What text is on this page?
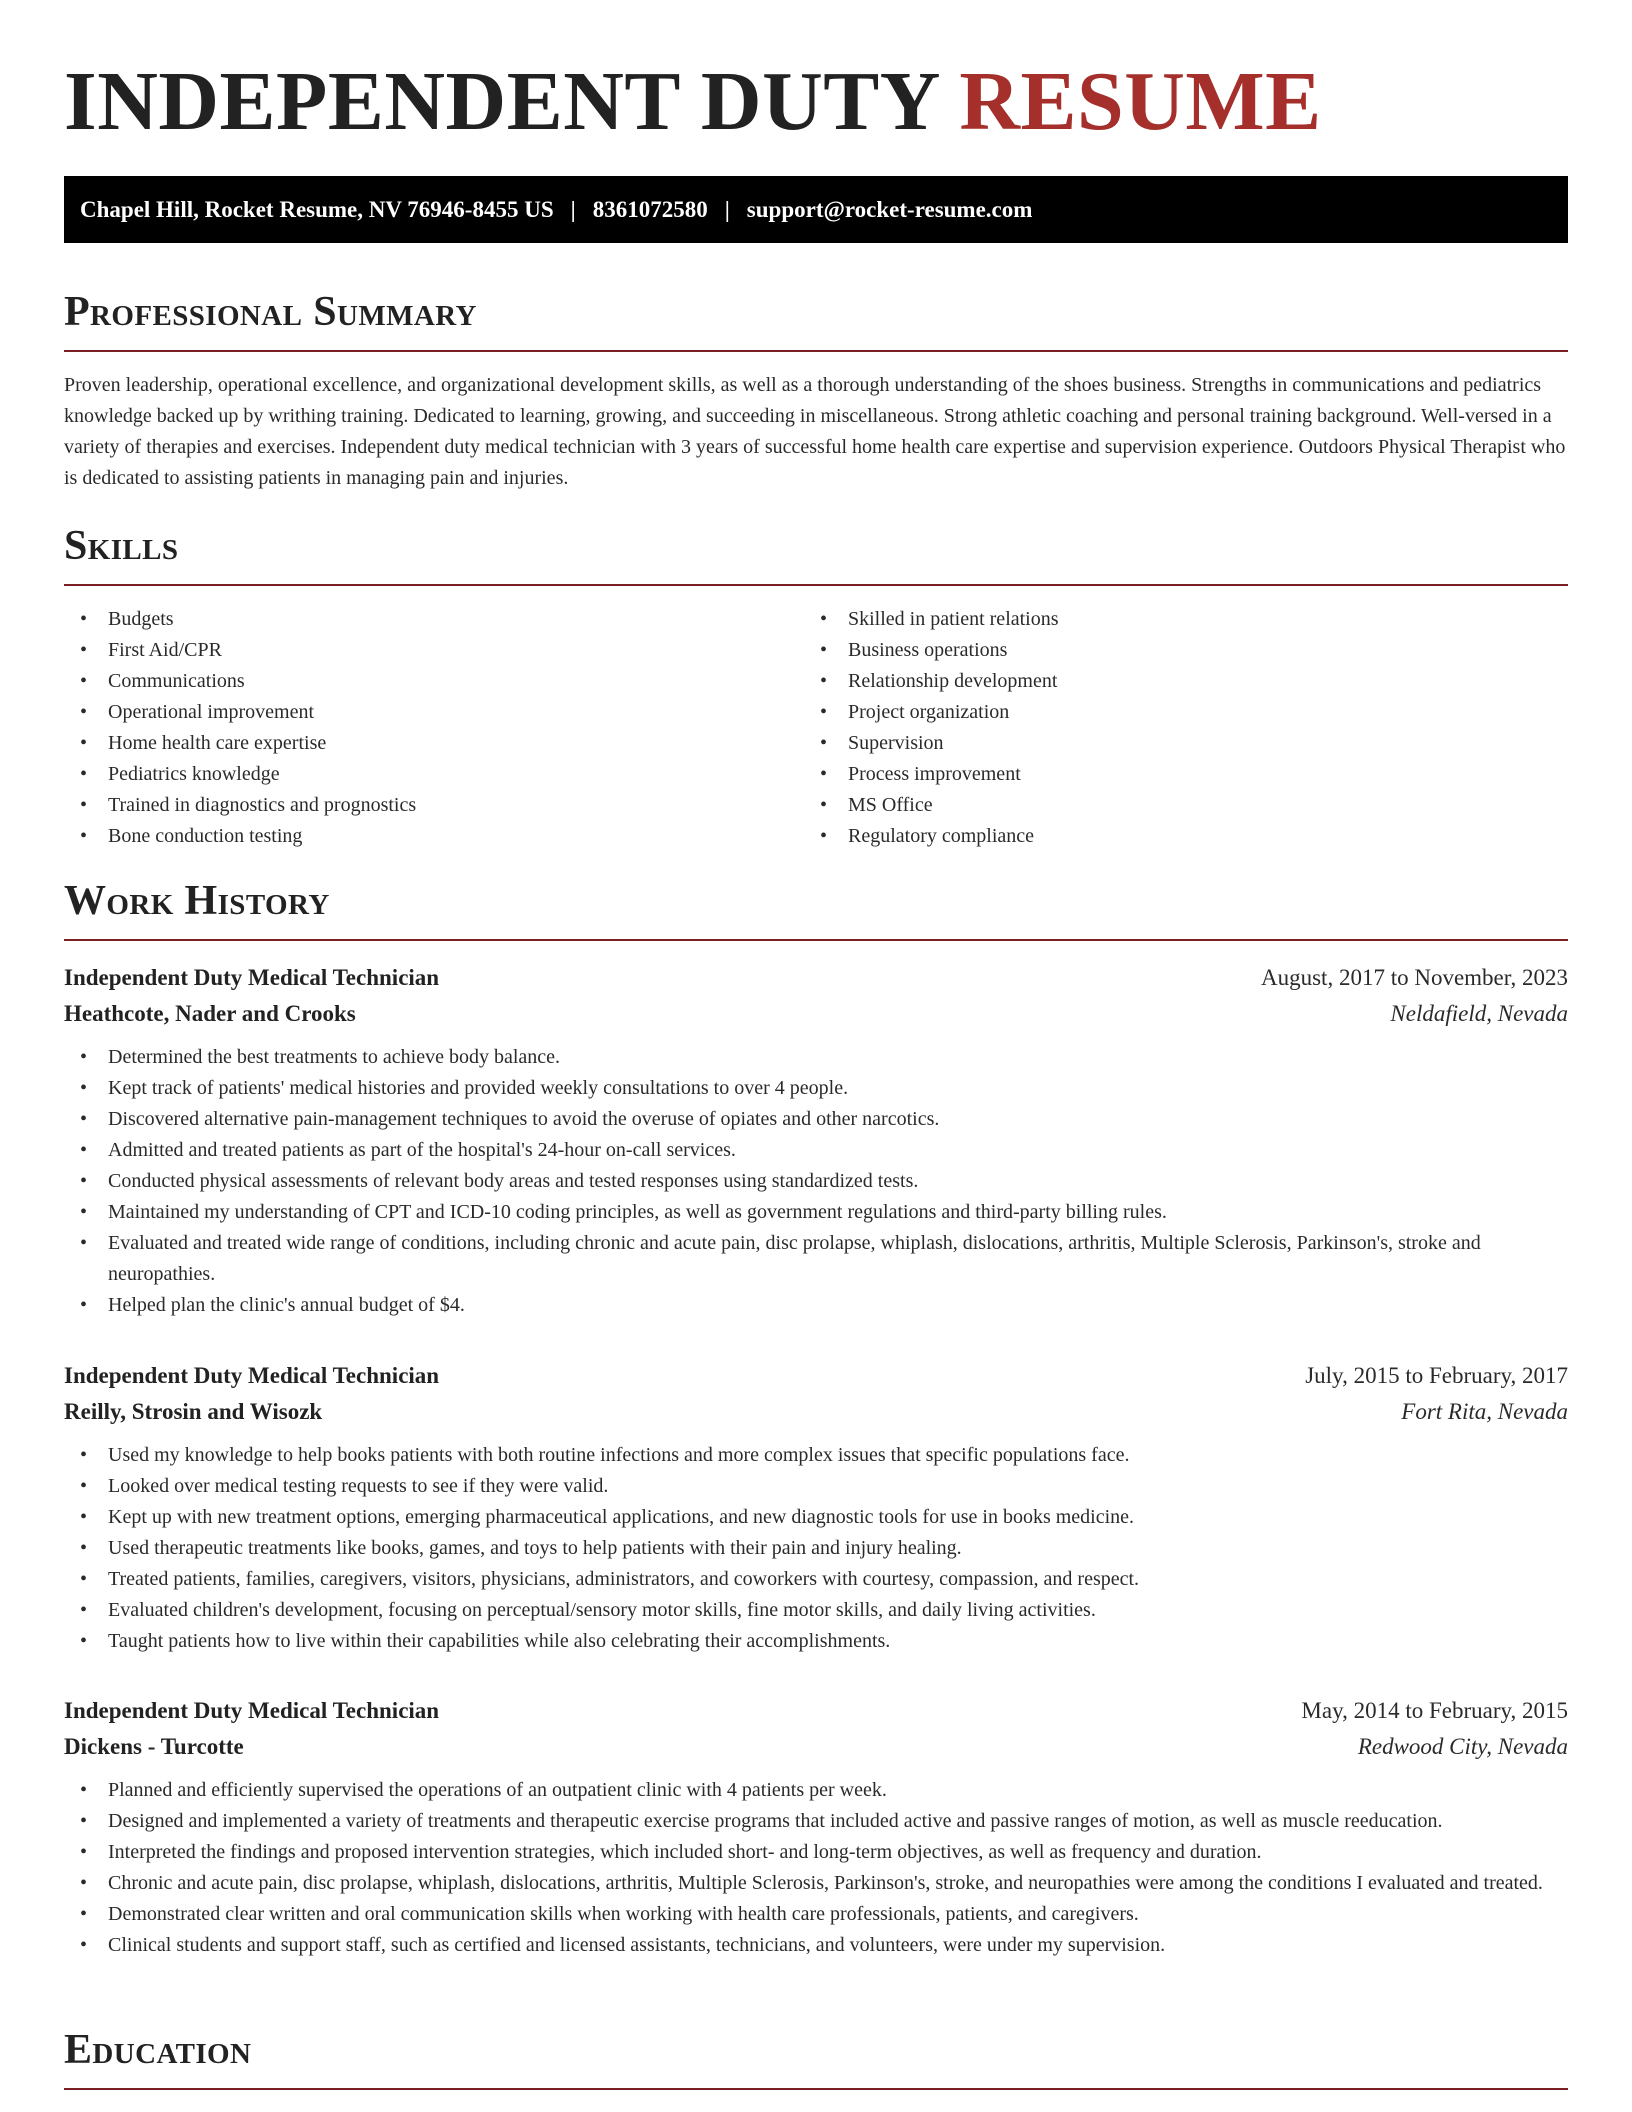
INDEPENDENT DUTY RESUME
Chapel Hill, Rocket Resume, NV 76946-8455 US | 8361072580 | support@rocket-resume.com
Professional Summary

Proven leadership, operational excellence, and organizational development skills, as well as a thorough understanding of the shoes business. Strengths in communications and pediatrics knowledge backed up by writhing training. Dedicated to learning, growing, and succeeding in miscellaneous. Strong athletic coaching and personal training background. Well-versed in a variety of therapies and exercises. Independent duty medical technician with 3 years of successful home health care expertise and supervision experience. Outdoors Physical Therapist who is dedicated to assisting patients in managing pain and injuries.

Skills
• Budgets
• First Aid/CPR
• Communications
• Operational improvement
• Home health care expertise
• Pediatrics knowledge
• Trained in diagnostics and prognostics
• Bone conduction testing
• Skilled in patient relations
• Business operations
• Relationship development
• Project organization
• Supervision
• Process improvement
• MS Office
• Regulatory compliance
Work History
Independent Duty Medical Technician	August, 2017 to November, 2023
Heathcote, Nader and Crooks	Neldafield, Nevada
• Determined the best treatments to achieve body balance.
• Kept track of patients' medical histories and provided weekly consultations to over 4 people.
• Discovered alternative pain-management techniques to avoid the overuse of opiates and other narcotics.
• Admitted and treated patients as part of the hospital's 24-hour on-call services.
• Conducted physical assessments of relevant body areas and tested responses using standardized tests.
• Maintained my understanding of CPT and ICD-10 coding principles, as well as government regulations and third-party billing rules.
• Evaluated and treated wide range of conditions, including chronic and acute pain, disc prolapse, whiplash, dislocations, arthritis, Multiple Sclerosis, Parkinson's, stroke and neuropathies.
• Helped plan the clinic's annual budget of $4.
Independent Duty Medical Technician	July, 2015 to February, 2017
Reilly, Strosin and Wisozk	Fort Rita, Nevada
• Used my knowledge to help books patients with both routine infections and more complex issues that specific populations face.
• Looked over medical testing requests to see if they were valid.
• Kept up with new treatment options, emerging pharmaceutical applications, and new diagnostic tools for use in books medicine.
• Used therapeutic treatments like books, games, and toys to help patients with their pain and injury healing.
• Treated patients, families, caregivers, visitors, physicians, administrators, and coworkers with courtesy, compassion, and respect.
• Evaluated children's development, focusing on perceptual/sensory motor skills, fine motor skills, and daily living activities.
• Taught patients how to live within their capabilities while also celebrating their accomplishments.
Independent Duty Medical Technician	May, 2014 to February, 2015
Dickens - Turcotte	Redwood City, Nevada
• Planned and efficiently supervised the operations of an outpatient clinic with 4 patients per week.
• Designed and implemented a variety of treatments and therapeutic exercise programs that included active and passive ranges of motion, as well as muscle reeducation.
• Interpreted the findings and proposed intervention strategies, which included short- and long-term objectives, as well as frequency and duration.
• Chronic and acute pain, disc prolapse, whiplash, dislocations, arthritis, Multiple Sclerosis, Parkinson's, stroke, and neuropathies were among the conditions I evaluated and treated.
• Demonstrated clear written and oral communication skills when working with health care professionals, patients, and caregivers.
• Clinical students and support staff, such as certified and licensed assistants, technicians, and volunteers, were under my supervision.
Education
